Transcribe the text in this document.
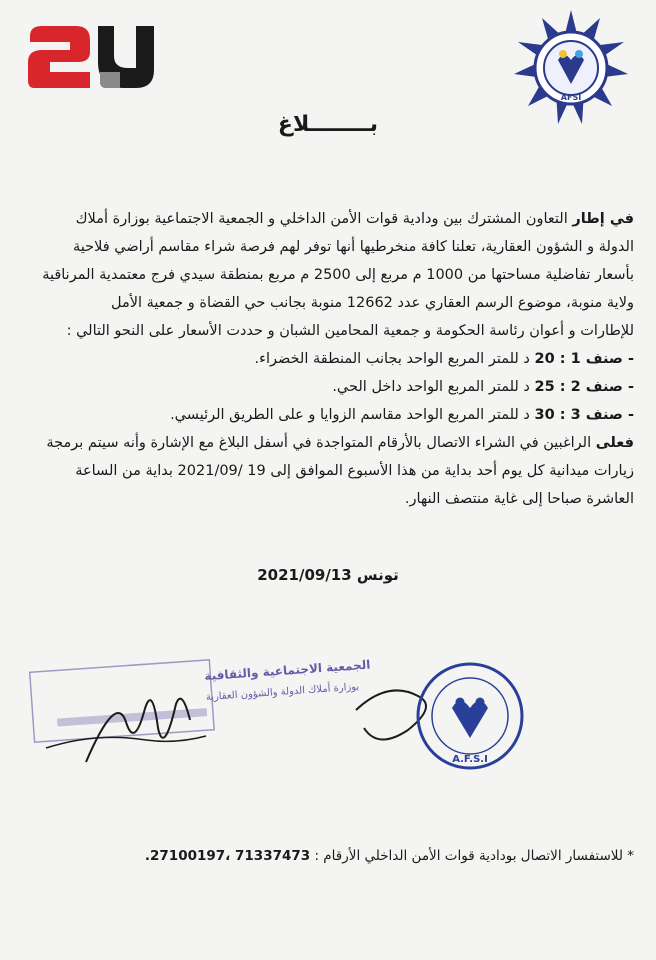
AFSI
بــــــــلاغ

في إطار التعاون المشترك بين ودادية قوات الأمن الداخلي و الجمعية الاجتماعية بوزارة أملاك
الدولة و الشؤون العقارية، تعلنا كافة منخرطيها أنها توفر لهم فرصة شراء مقاسم أراضي فلاحية
بأسعار تفاضلية مساحتها من 1000 م مربع إلى 2500 م مربع بمنطقة سيدي فرج معتمدية المرناقية
ولاية منوبة، موضوع الرسم العقاري عدد 12662 منوبة بجانب حي القضاة و جمعية الأمل
للإطارات و أعوان رئاسة الحكومة و جمعية المحامين الشبان و حددت الأسعار على النحو التالي :

- صنف 1 : 20 د للمتر المربع الواحد بجانب المنطقة الخضراء.
- صنف 2 : 25 د للمتر المربع الواحد داخل الحي.
- صنف 3 : 30 د للمتر المربع الواحد مقاسم الزوايا و على الطريق الرئيسي.

فعلى الراغبين في الشراء الاتصال بالأرقام المتواجدة في أسفل البلاغ مع الإشارة وأنه سيتم برمجة
زيارات ميدانية كل يوم أحد بداية من هذا الأسبوع الموافق إلى 19 /2021/09 بداية من الساعة
العاشرة صباحا إلى غاية منتصف النهار.

تونس 2021/09/13
الجمعية الاجتماعية والثقافية
بوزارة أملاك الدولة والشؤون العقارية
A.F.S.I
* للاستفسار الاتصال بودادية قوات الأمن الداخلي الأرقام : 71337473 ،27100197.
